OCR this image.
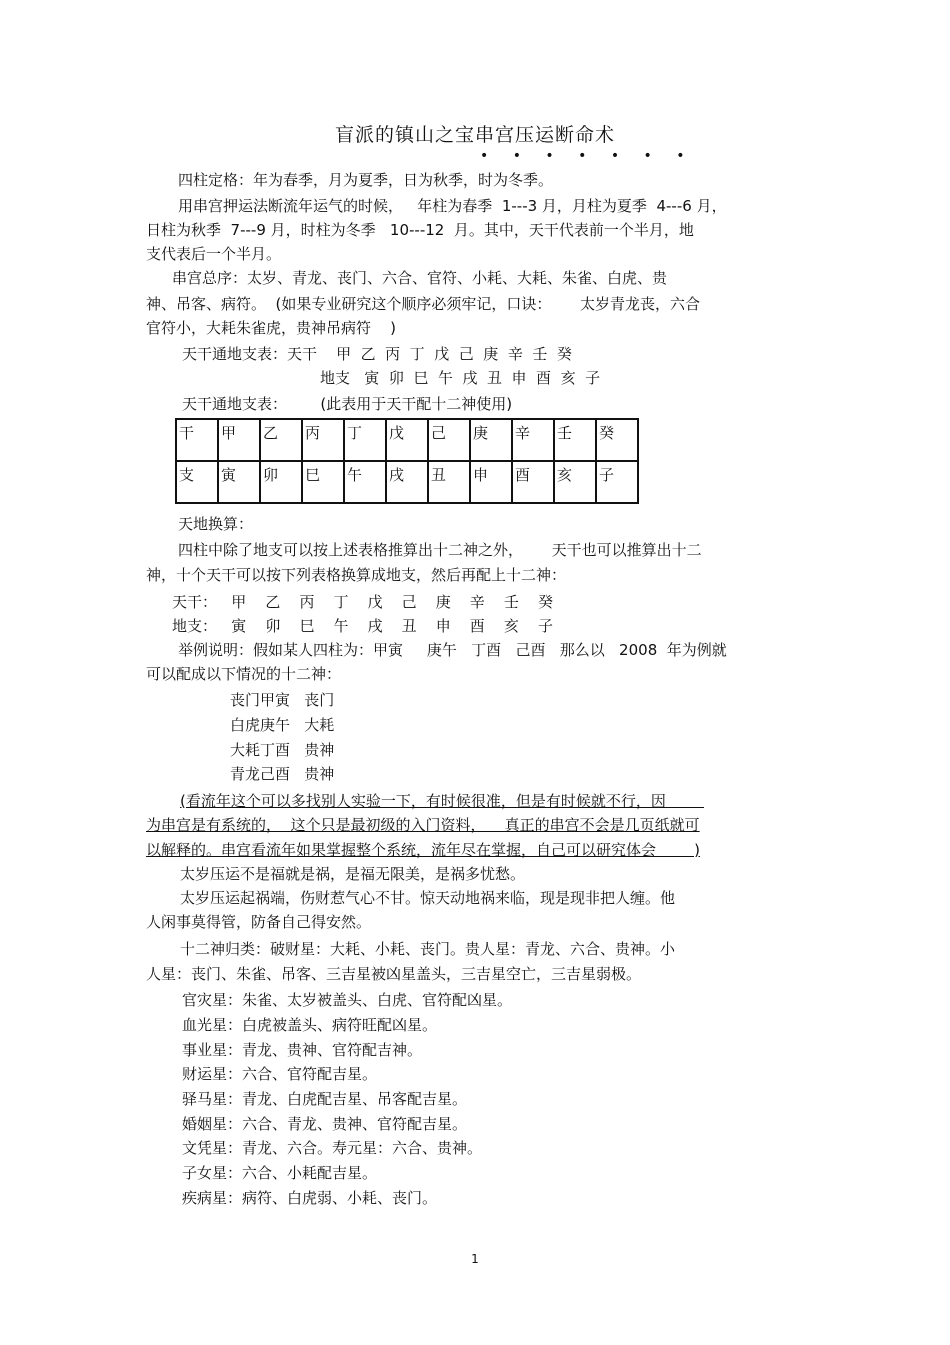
盲派的镇山之宝串宫压运断命术
• • • • • • •
四柱定格：年为春季，月为夏季，日为秋季，时为冬季。
用串宫押运法断流年运气的时候，   年柱为春季  1---3 月，月柱为夏季  4---6 月，
日柱为秋季  7---9 月，时柱为冬季   10---12  月。其中，天干代表前一个半月，地
支代表后一个半月。
串宫总序：太岁、青龙、丧门、六合、官符、小耗、大耗、朱雀、白虎、贵
神、吊客、病符。  (如果专业研究这个顺序必须牢记，口诀：      太岁青龙丧，六合
官符小，大耗朱雀虎，贵神吊病符    )
天干通地支表：天干    甲  乙  丙  丁  戊  己  庚  辛  壬  癸
地支   寅  卯  巳  午  戌  丑  申  酉  亥  子
天干通地支表：       (此表用于天干配十二神使用)
干	甲	乙	丙	丁	戊	己	庚	辛	壬	癸
支	寅	卯	巳	午	戌	丑	申	酉	亥	子
天地换算：
四柱中除了地支可以按上述表格推算出十二神之外，      天干也可以推算出十二
神，十个天干可以按下列表格换算成地支，然后再配上十二神：
天干：   甲    乙    丙    丁    戊    己    庚    辛    壬    癸
地支：   寅    卯    巳    午    戌    丑    申    酉    亥    子
举例说明：假如某人四柱为：甲寅     庚午   丁酉   己酉   那么以   2008  年为例就
可以配成以下情况的十二神：
丧门甲寅   丧门
白虎庚午   大耗
大耗丁酉   贵神
青龙己酉   贵神
(看流年这个可以多找别人实验一下，有时候很准，但是有时候就不行，因
为串宫是有系统的，  这个只是最初级的入门资料，    真正的串宫不会是几页纸就可
以解释的。串宫看流年如果掌握整个系统，流年尽在掌握，自己可以研究体会        )
太岁压运不是福就是祸，是福无限美，是祸多忧愁。
太岁压运起祸端，伤财惹气心不甘。惊天动地祸来临，现是现非把人缠。他
人闲事莫得管，防备自己得安然。
十二神归类：破财星：大耗、小耗、丧门。贵人星：青龙、六合、贵神。小
人星：丧门、朱雀、吊客、三吉星被凶星盖头，三吉星空亡，三吉星弱极。
官灾星：朱雀、太岁被盖头、白虎、官符配凶星。
血光星：白虎被盖头、病符旺配凶星。
事业星：青龙、贵神、官符配吉神。
财运星：六合、官符配吉星。
驿马星：青龙、白虎配吉星、吊客配吉星。
婚姻星：六合、青龙、贵神、官符配吉星。
文凭星：青龙、六合。寿元星：六合、贵神。
子女星：六合、小耗配吉星。
疾病星：病符、白虎弱、小耗、丧门。
1
